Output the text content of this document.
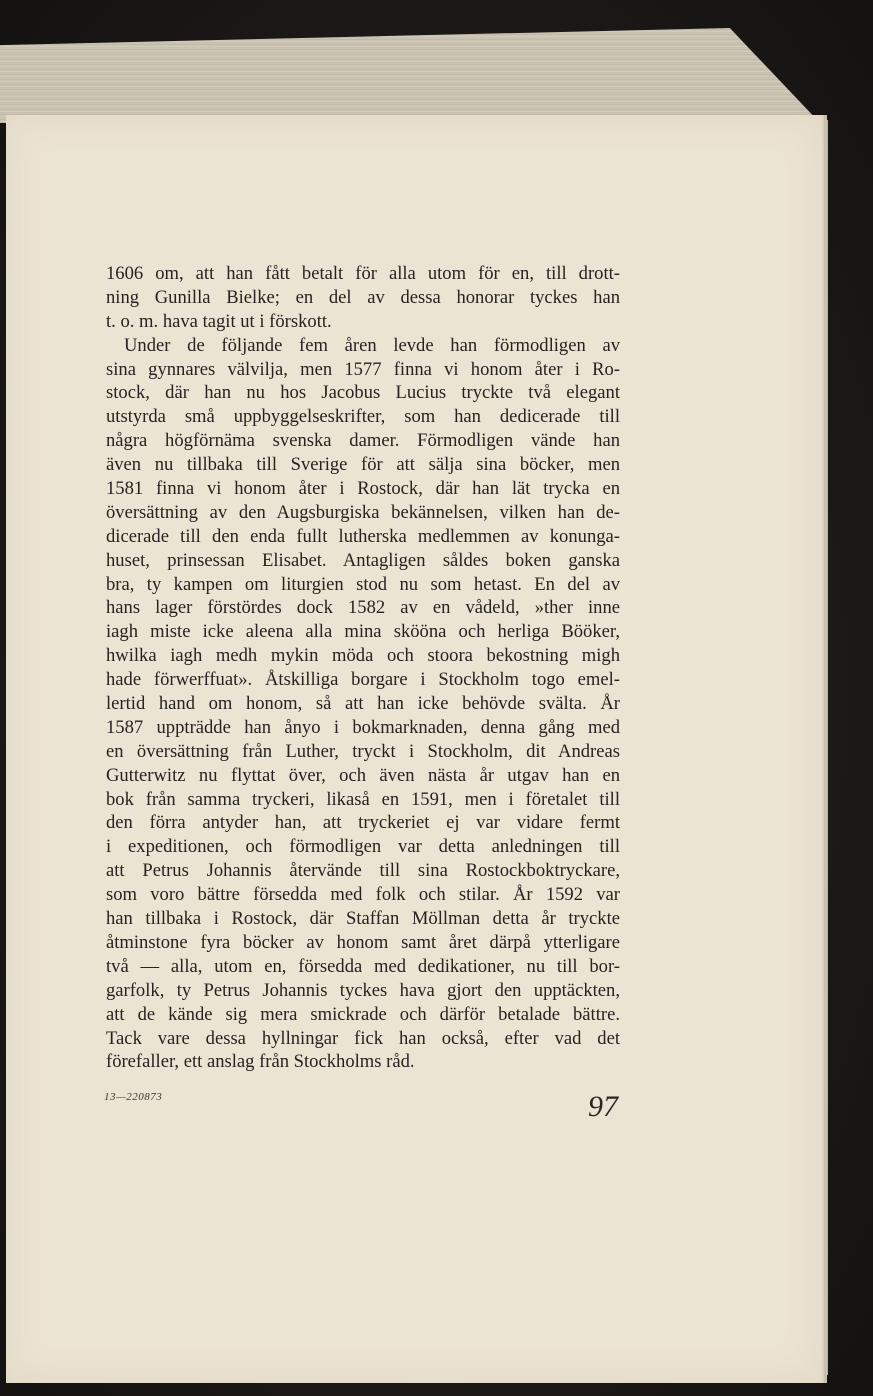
1606 om, att han fått betalt för alla utom för en, till drott-
ning Gunilla Bielke; en del av dessa honorar tyckes han
t. o. m. hava tagit ut i förskott.
Under de följande fem åren levde han förmodligen av
sina gynnares välvilja, men 1577 finna vi honom åter i Ro-
stock, där han nu hos Jacobus Lucius tryckte två elegant
utstyrda små uppbyggelseskrifter, som han dedicerade till
några högförnäma svenska damer. Förmodligen vände han
även nu tillbaka till Sverige för att sälja sina böcker, men
1581 finna vi honom åter i Rostock, där han lät trycka en
översättning av den Augsburgiska bekännelsen, vilken han de-
dicerade till den enda fullt lutherska medlemmen av konunga-
huset, prinsessan Elisabet. Antagligen såldes boken ganska
bra, ty kampen om liturgien stod nu som hetast. En del av
hans lager förstördes dock 1582 av en vådeld, »ther inne
iagh miste icke aleena alla mina skööna och herliga Bööker,
hwilka iagh medh mykin möda och stoora bekostning migh
hade förwerffuat». Åtskilliga borgare i Stockholm togo emel-
lertid hand om honom, så att han icke behövde svälta. År
1587 uppträdde han ånyo i bokmarknaden, denna gång med
en översättning från Luther, tryckt i Stockholm, dit Andreas
Gutterwitz nu flyttat över, och även nästa år utgav han en
bok från samma tryckeri, likaså en 1591, men i företalet till
den förra antyder han, att tryckeriet ej var vidare fermt
i expeditionen, och förmodligen var detta anledningen till
att Petrus Johannis återvände till sina Rostockboktryckare,
som voro bättre försedda med folk och stilar. År 1592 var
han tillbaka i Rostock, där Staffan Möllman detta år tryckte
åtminstone fyra böcker av honom samt året därpå ytterligare
två — alla, utom en, försedda med dedikationer, nu till bor-
garfolk, ty Petrus Johannis tyckes hava gjort den upptäckten,
att de kände sig mera smickrade och därför betalade bättre.
Tack vare dessa hyllningar fick han också, efter vad det
förefaller, ett anslag från Stockholms råd.
13—220873	97
